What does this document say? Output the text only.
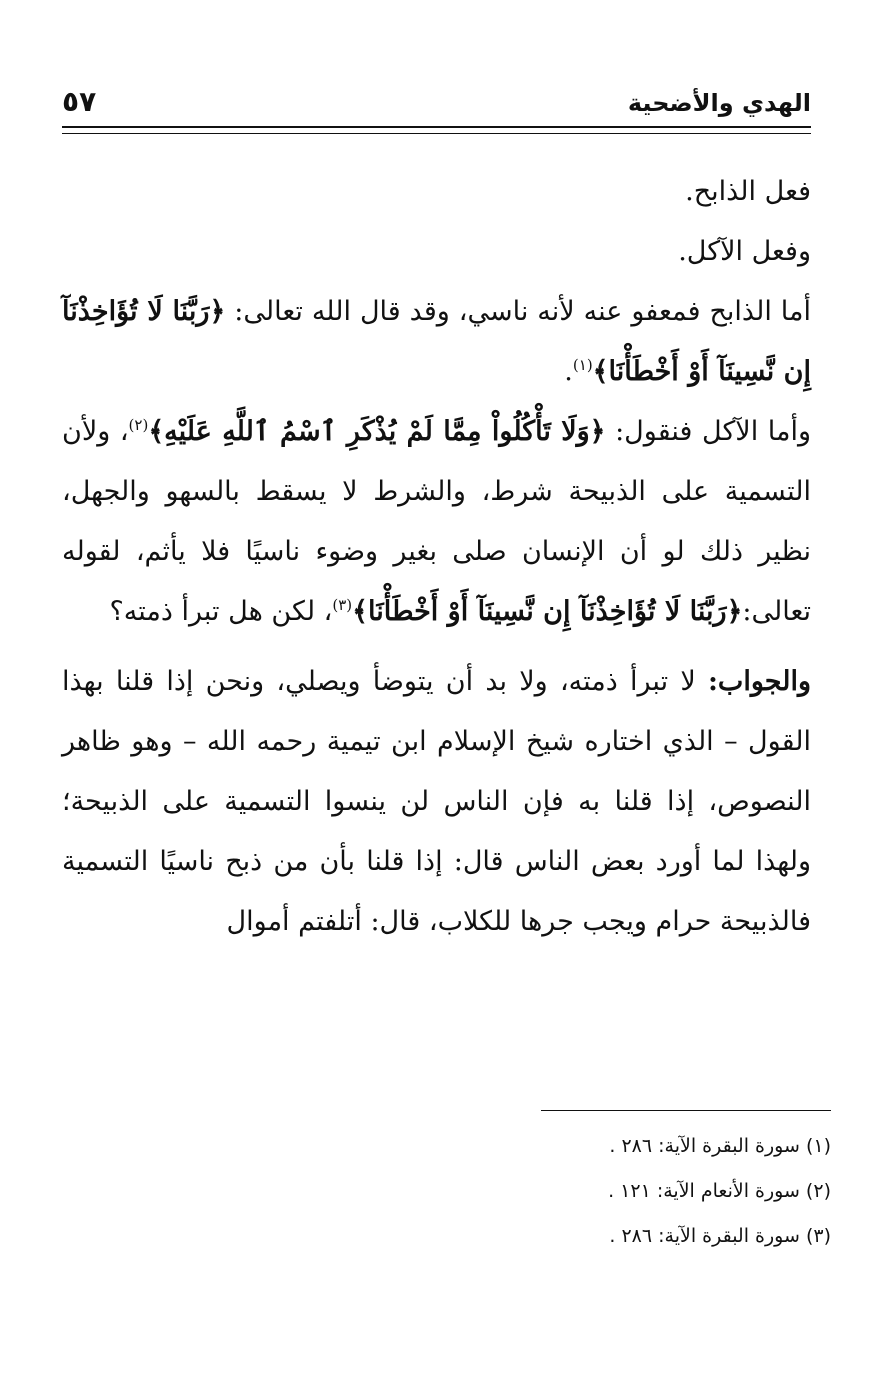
الهدي والأضحية
٥٧

فعل الذابح.

وفعل الآكل.

أما الذابح فمعفو عنه لأنه ناسي، وقد قال الله تعالى: ﴿رَبَّنَا لَا تُؤَاخِذْنَآ إِن نَّسِينَآ أَوْ أَخْطَأْنَا﴾$^{(١)}$.

وأما الآكل فنقول: ﴿وَلَا تَأْكُلُواْ مِمَّا لَمْ يُذْكَرِ ٱسْمُ ٱللَّهِ عَلَيْهِ﴾$^{(٢)}$، ولأن التسمية على الذبيحة شرط، والشرط لا يسقط بالسهو والجهل، نظير ذلك لو أن الإنسان صلى بغير وضوء ناسيًا فلا يأثم، لقوله تعالى:﴿رَبَّنَا لَا تُؤَاخِذْنَآ إِن نَّسِينَآ أَوْ أَخْطَأْنَا﴾$^{(٣)}$، لكن هل تبرأ ذمته؟

والجواب: لا تبرأ ذمته، ولا بد أن يتوضأ ويصلي، ونحن إذا قلنا بهذا القول – الذي اختاره شيخ الإسلام ابن تيمية رحمه الله – وهو ظاهر النصوص، إذا قلنا به فإن الناس لن ينسوا التسمية على الذبيحة؛ ولهذا لما أورد بعض الناس قال: إذا قلنا بأن من ذبح ناسيًا التسمية فالذبيحة حرام ويجب جرها للكلاب، قال: أتلفتم أموال

(١) سورة البقرة الآية: ٢٨٦ .
(٢) سورة الأنعام الآية: ١٢١ .
(٣) سورة البقرة الآية: ٢٨٦ .
